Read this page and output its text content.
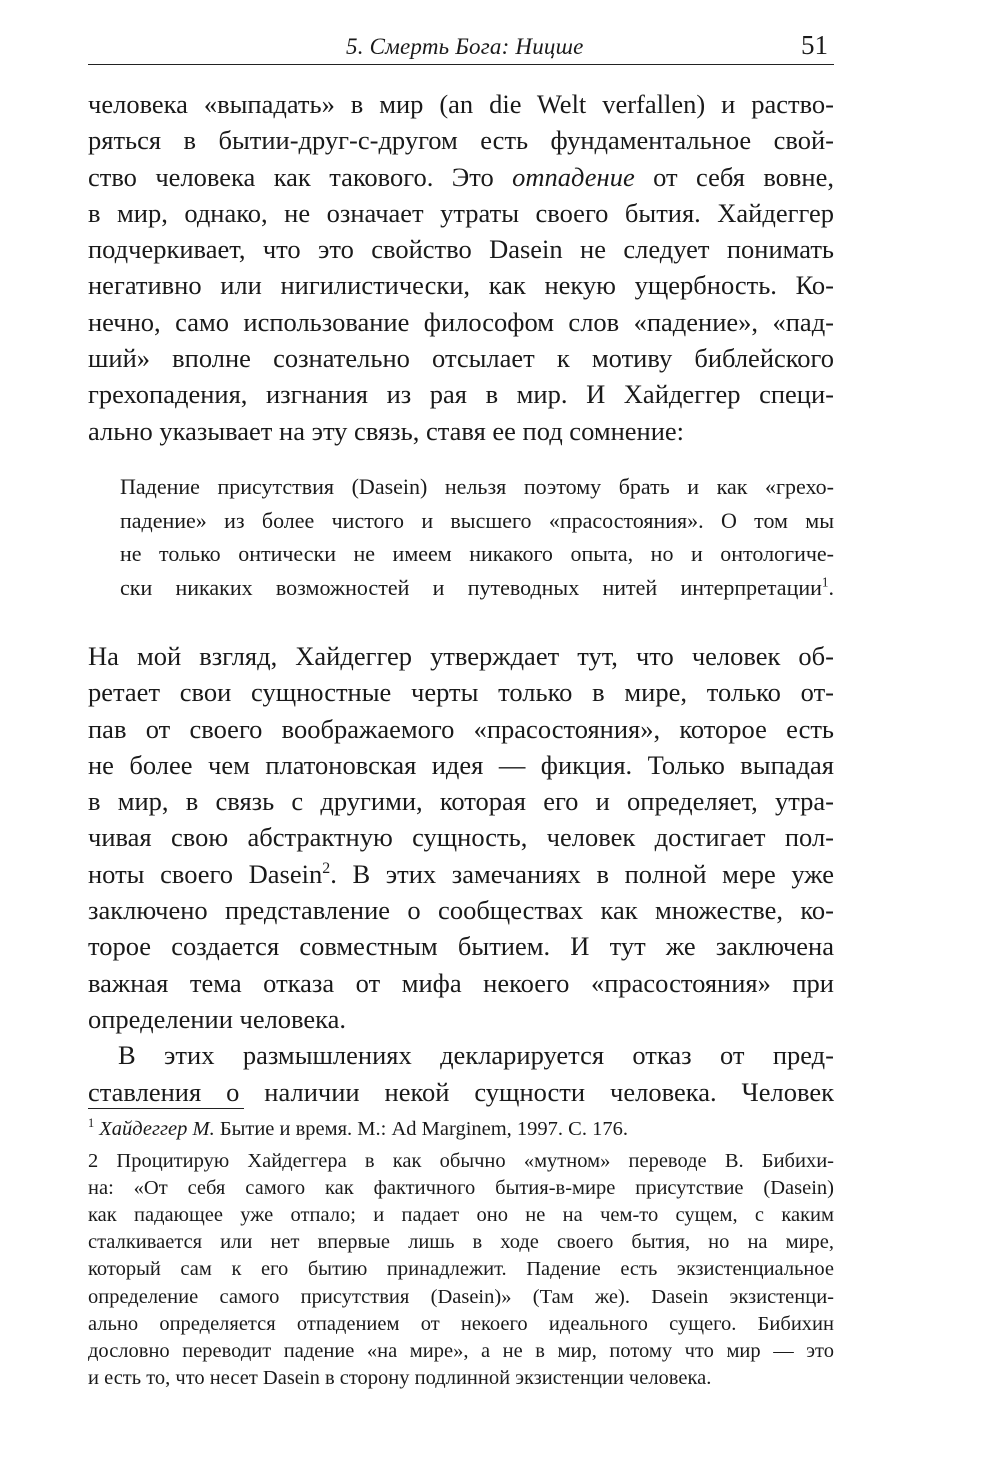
5. Смерть Бога: Ницше	51
человека «выпадать» в мир (an die Welt verfallen) и раство-
ряться в бытии-друг-с-другом есть фундаментальное свой-
ство человека как такового. Это отпадение от себя вовне,
в мир, однако, не означает утраты своего бытия. Хайдеггер
подчеркивает, что это свойство Dasein не следует понимать
негативно или нигилистически, как некую ущербность. Ко-
нечно, само использование философом слов «падение», «пад-
ший» вполне сознательно отсылает к мотиву библейского
грехопадения, изгнания из рая в мир. И Хайдеггер специ-
ально указывает на эту связь, ставя ее под сомнение:
Падение присутствия (Dasein) нельзя поэтому брать и как «грехо-
падение» из более чистого и высшего «прасостояния». О том мы
не только онтически не имеем никакого опыта, но и онтологиче-
ски никаких возможностей и путеводных нитей интерпретации$^1$.
На мой взгляд, Хайдеггер утверждает тут, что человек об-
ретает свои сущностные черты только в мире, только от-
пав от своего воображаемого «прасостояния», которое есть
не более чем платоновская идея — фикция. Только выпадая
в мир, в связь с другими, которая его и определяет, утра-
чивая свою абстрактную сущность, человек достигает пол-
ноты своего Dasein$^2$. В этих замечаниях в полной мере уже
заключено представление о сообществах как множестве, ко-
торое создается совместным бытием. И тут же заключена
важная тема отказа от мифа некоего «прасостояния» при
определении человека.
В этих размышлениях декларируется отказ от пред-
ставления о наличии некой сущности человека. Человек
$^1$ Хайдеггер М. Бытие и время. М.: Ad Marginem, 1997. С. 176.
2 Процитирую Хайдеггера в как обычно «мутном» переводе В. Бибихи-
на: «От себя самого как фактичного бытия-в-мире присутствие (Dasein)
как падающее уже отпало; и падает оно не на чем-то сущем, с каким
сталкивается или нет впервые лишь в ходе своего бытия, но на мире,
который сам к его бытию принадлежит. Падение есть экзистенциальное
определение самого присутствия (Dasein)» (Там же). Dasein экзистенци-
ально определяется отпадением от некоего идеального сущего. Бибихин
дословно переводит падение «на мире», а не в мир, потому что мир — это
и есть то, что несет Dasein в сторону подлинной экзистенции человека.
